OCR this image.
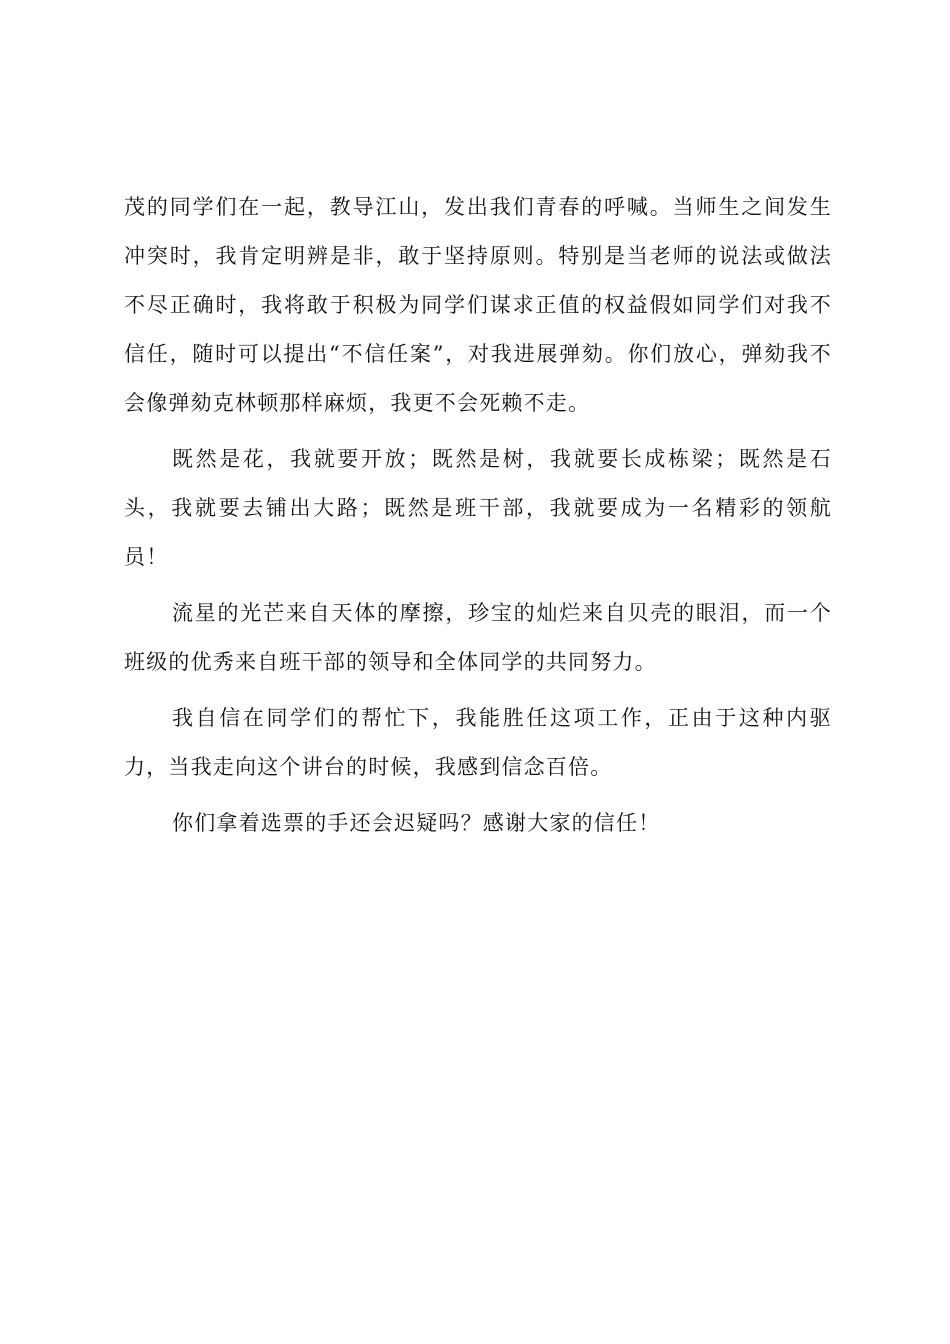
茂的同学们在一起，教导江山，发出我们青春的呼喊。当师生之间发生冲突时，我肯定明辨是非，敢于坚持原则。特别是当老师的说法或做法不尽正确时，我将敢于积极为同学们谋求正值的权益假如同学们对我不信任，随时可以提出“不信任案”，对我进展弹劾。你们放心，弹劾我不会像弹劾克林顿那样麻烦，我更不会死赖不走。

既然是花，我就要开放；既然是树，我就要长成栋梁；既然是石头，我就要去铺出大路；既然是班干部，我就要成为一名精彩的领航员！

流星的光芒来自天体的摩擦，珍宝的灿烂来自贝壳的眼泪，而一个班级的优秀来自班干部的领导和全体同学的共同努力。

我自信在同学们的帮忙下，我能胜任这项工作，正由于这种内驱力，当我走向这个讲台的时候，我感到信念百倍。

你们拿着选票的手还会迟疑吗？感谢大家的信任！
